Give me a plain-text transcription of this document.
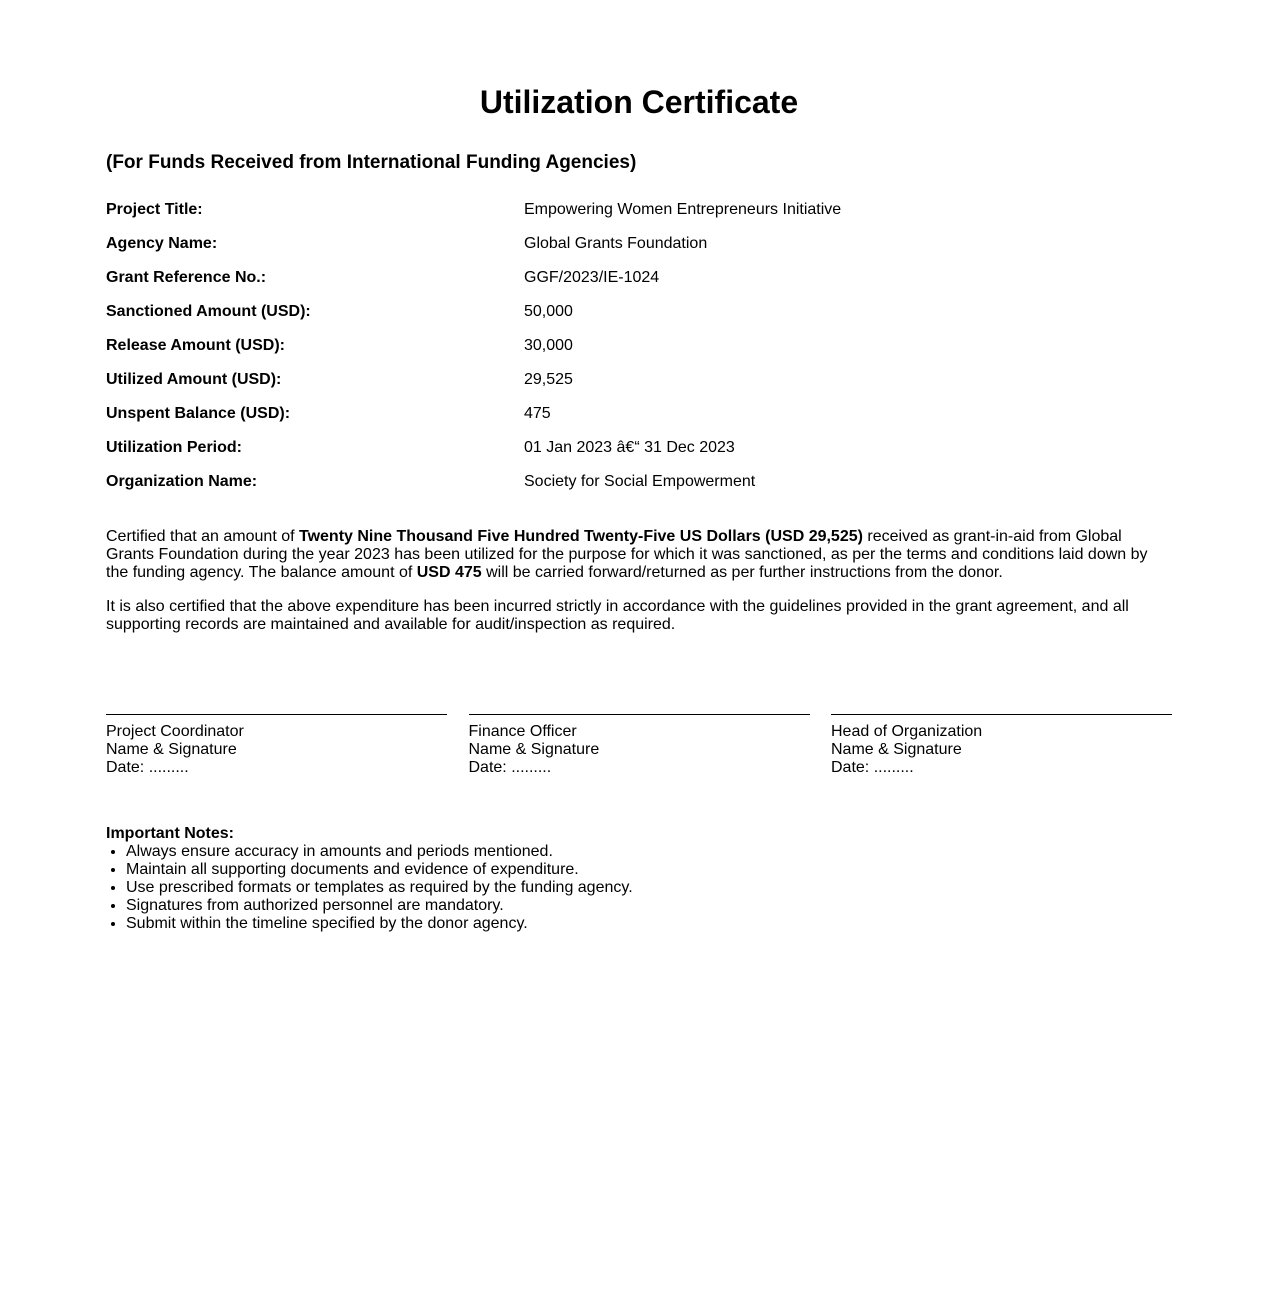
Utilization Certificate
(For Funds Received from International Funding Agencies)
Project Title:	Empowering Women Entrepreneurs Initiative
Agency Name:	Global Grants Foundation
Grant Reference No.:	GGF/2023/IE-1024
Sanctioned Amount (USD):	50,000
Release Amount (USD):	30,000
Utilized Amount (USD):	29,525
Unspent Balance (USD):	475
Utilization Period:	01 Jan 2023 â€“ 31 Dec 2023
Organization Name:	Society for Social Empowerment

Certified that an amount of Twenty Nine Thousand Five Hundred Twenty-Five US Dollars (USD 29,525) received as grant-in-aid from Global Grants Foundation during the year 2023 has been utilized for the purpose for which it was sanctioned, as per the terms and conditions laid down by the funding agency. The balance amount of USD 475 will be carried forward/returned as per further instructions from the donor.

It is also certified that the above expenditure has been incurred strictly in accordance with the guidelines provided in the grant agreement, and all supporting records are maintained and available for audit/inspection as required.

Project Coordinator
Name & Signature
Date: .........
Finance Officer
Name & Signature
Date: .........
Head of Organization
Name & Signature
Date: .........
Important Notes:
• Always ensure accuracy in amounts and periods mentioned.
• Maintain all supporting documents and evidence of expenditure.
• Use prescribed formats or templates as required by the funding agency.
• Signatures from authorized personnel are mandatory.
• Submit within the timeline specified by the donor agency.
